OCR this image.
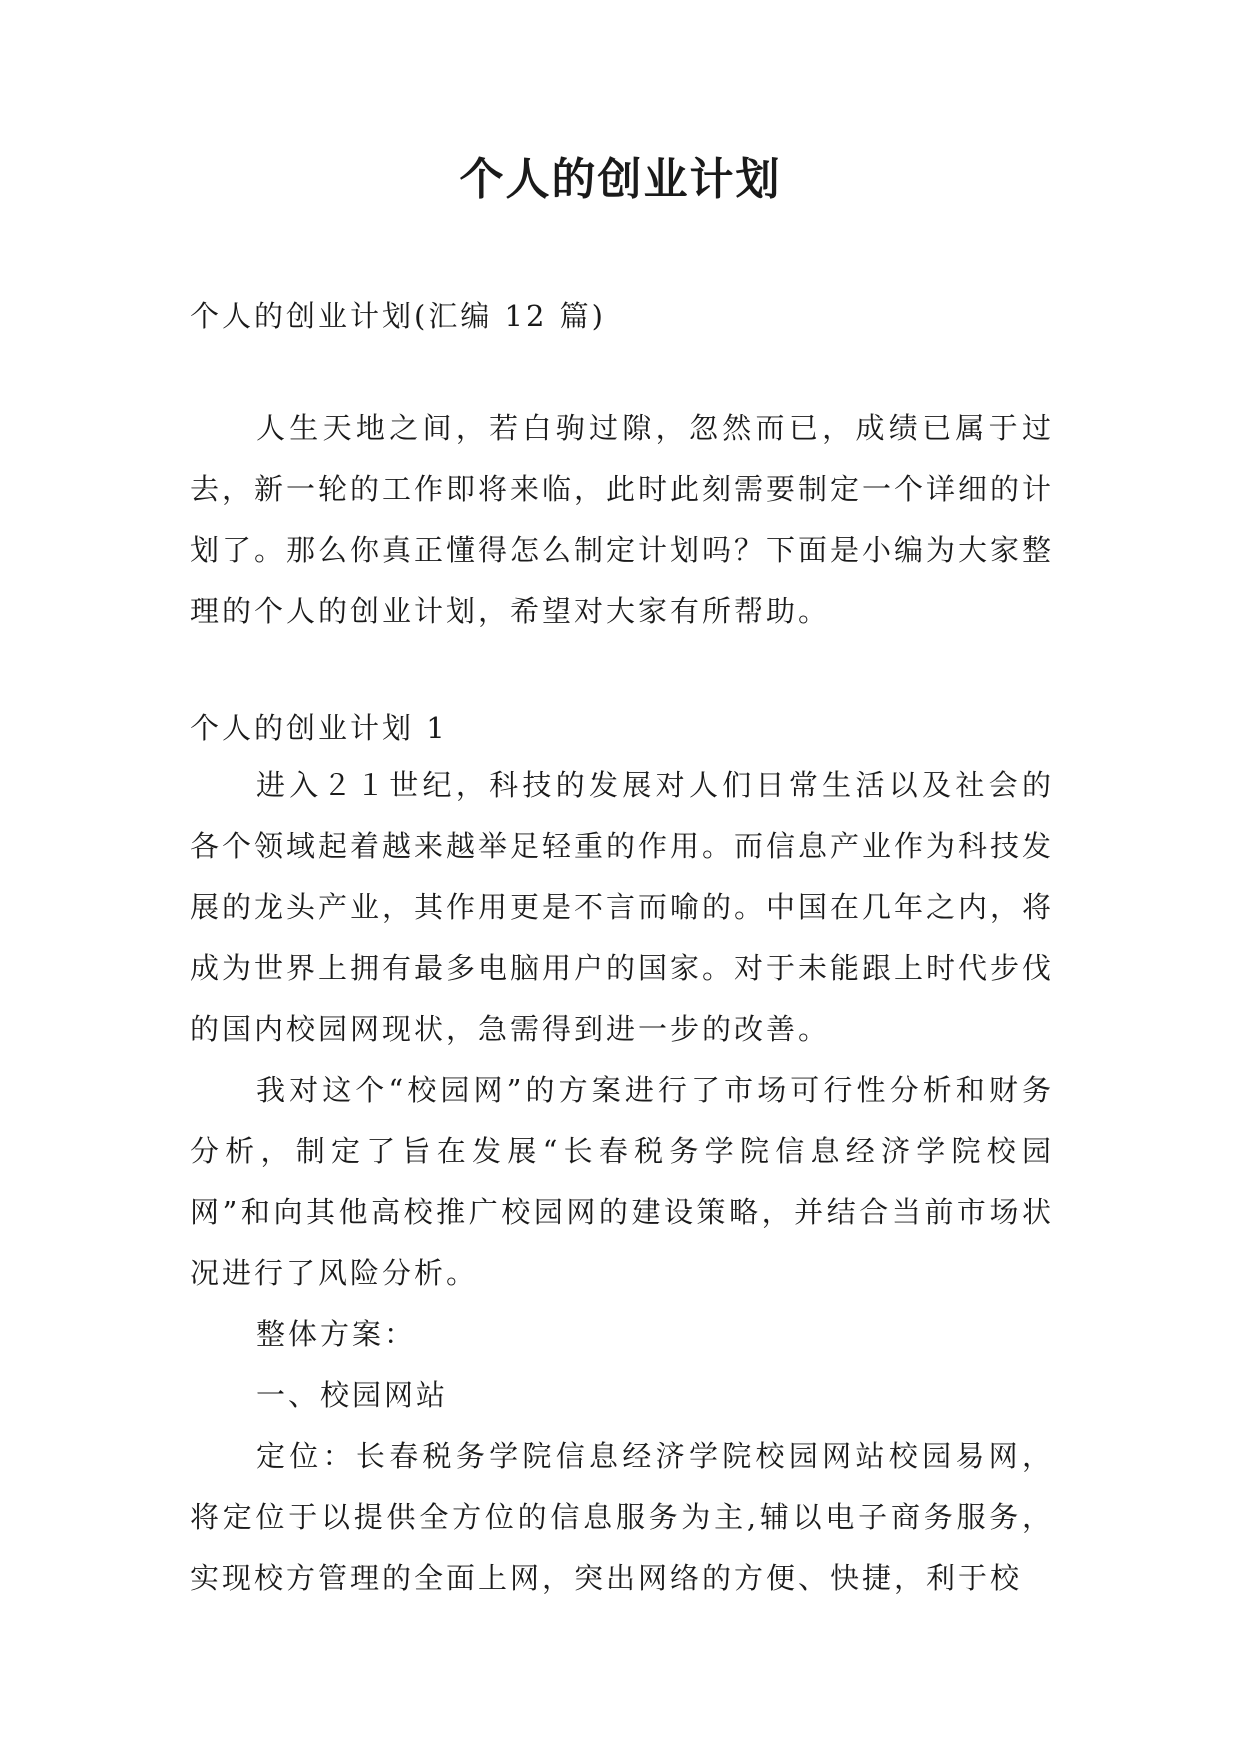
个人的创业计划

个人的创业计划(汇编 12 篇)

人生天地之间，若白驹过隙，忽然而已，成绩已属于过去，新一轮的工作即将来临，此时此刻需要制定一个详细的计划了。那么你真正懂得怎么制定计划吗？下面是小编为大家整理的个人的创业计划，希望对大家有所帮助。

个人的创业计划 1

进入２１世纪，科技的发展对人们日常生活以及社会的各个领域起着越来越举足轻重的作用。而信息产业作为科技发展的龙头产业，其作用更是不言而喻的。中国在几年之内，将成为世界上拥有最多电脑用户的国家。对于未能跟上时代步伐的国内校园网现状，急需得到进一步的改善。

我对这个“校园网”的方案进行了市场可行性分析和财务分析，制定了旨在发展“长春税务学院信息经济学院校园网”和向其他高校推广校园网的建设策略，并结合当前市场状况进行了风险分析。

整体方案：

一、校园网站

定位：长春税务学院信息经济学院校园网站校园易网，将定位于以提供全方位的信息服务为主,辅以电子商务服务，实现校方管理的全面上网，突出网络的方便、快捷，利于校
